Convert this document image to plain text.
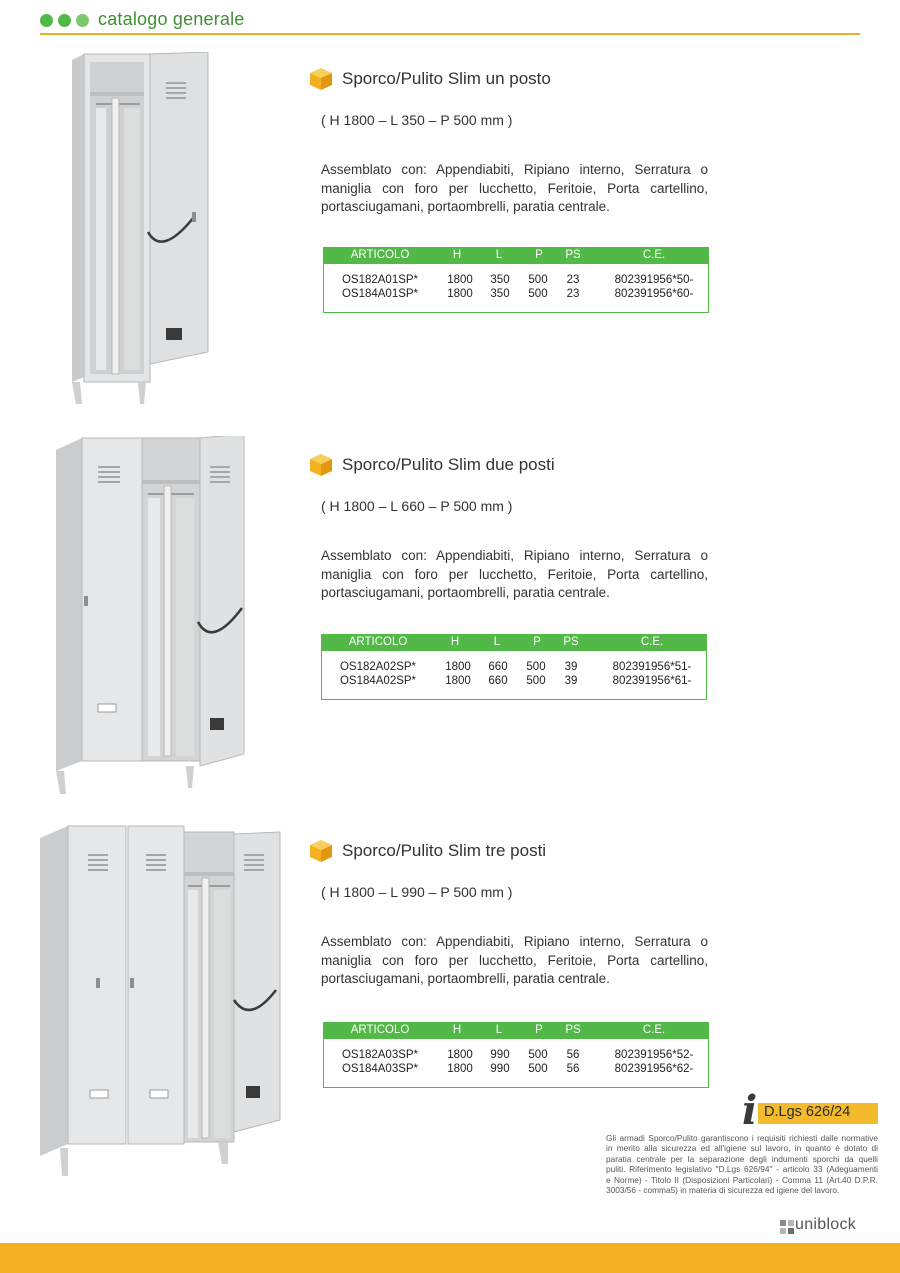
catalogo generale
Sporco/Pulito Slim un posto
( H 1800 – L 350 – P 500 mm )
Assemblato con: Appendiabiti, Ripiano interno, Serratura o
maniglia con foro per lucchetto, Feritoie, Porta cartellino,
portasciugamani, portaombrelli, paratia centrale.
ARTICOLO	H	L	P	PS	C.E.
OS182A01SP*	1800	350	500	23	802391956*50-
OS184A01SP*	1800	350	500	23	802391956*60-
Sporco/Pulito Slim due posti
( H 1800 – L 660 – P 500 mm )
Assemblato con: Appendiabiti, Ripiano interno, Serratura o
maniglia con foro per lucchetto, Feritoie, Porta cartellino,
portasciugamani, portaombrelli, paratia centrale.
ARTICOLO	H	L	P	PS	C.E.
OS182A02SP*	1800	660	500	39	802391956*51-
OS184A02SP*	1800	660	500	39	802391956*61-
Sporco/Pulito Slim tre posti
( H 1800 – L 990 – P 500 mm )
Assemblato con: Appendiabiti, Ripiano interno, Serratura o
maniglia con foro per lucchetto, Feritoie, Porta cartellino,
portasciugamani, portaombrelli, paratia centrale.
ARTICOLO	H	L	P	PS	C.E.
OS182A03SP*	1800	990	500	56	802391956*52-
OS184A03SP*	1800	990	500	56	802391956*62-
i D.Lgs 626/24
Gli armadi Sporco/Pulito garantiscono i requisiti richiesti dalle normative
in merito alla sicurezza ed all'igiene sul lavoro, in quanto è dotato di
paratia centrale per la separazione degli indumenti sporchi da quelli
puliti. Riferimento legislativo "D.Lgs 626/94" - articolo 33 (Adeguamenti
e Norme) - Titolo II (Disposizioni Particolari) - Comma 11 (Art.40 D.P.R.
3003/56 - comma5) in materia di sicurezza ed igiene del lavoro.
uniblock
